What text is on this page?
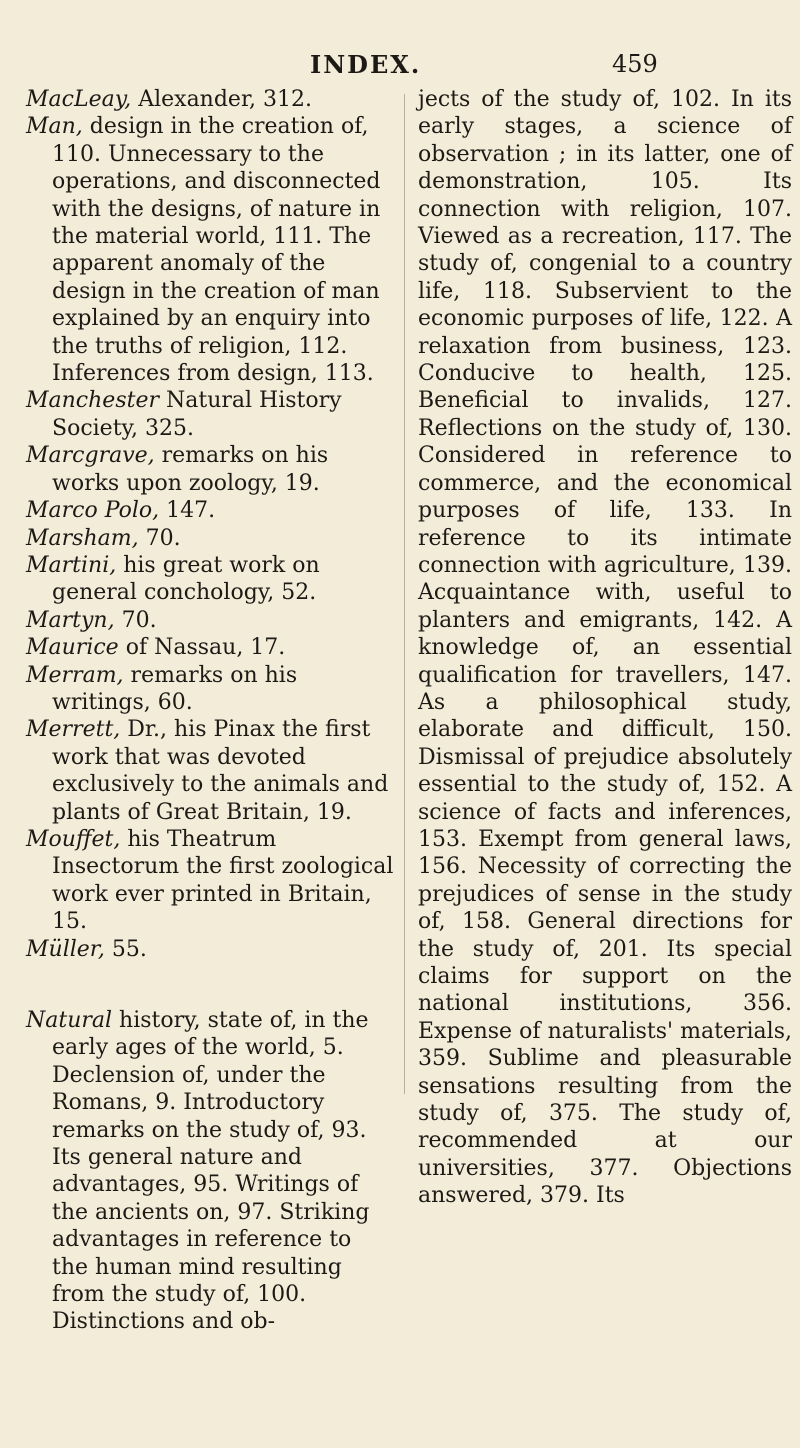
INDEX.	459

MacLeay, Alexander, 312.

Man, design in the creation of, 110. Unnecessary to the operations, and disconnected with the designs, of nature in the material world, 111. The apparent anomaly of the design in the creation of man explained by an enquiry into the truths of religion, 112. Inferences from design, 113.

Manchester Natural History Society, 325.

Marcgrave, remarks on his works upon zoology, 19.

Marco Polo, 147.

Marsham, 70.

Martini, his great work on general conchology, 52.

Martyn, 70.

Maurice of Nassau, 17.

Merram, remarks on his writings, 60.

Merrett, Dr., his Pinax the first work that was devoted exclusively to the animals and plants of Great Britain, 19.

Mouffet, his Theatrum Insectorum the first zoological work ever printed in Britain, 15.

Müller, 55.

Natural history, state of, in the early ages of the world, 5. Declension of, under the Romans, 9. Introductory remarks on the study of, 93. Its general nature and advantages, 95. Writings of the ancients on, 97. Striking advantages in reference to the human mind resulting from the study of, 100. Distinctions and ob-

jects of the study of, 102. In its early stages, a science of observation ; in its latter, one of demonstration, 105. Its connection with religion, 107. Viewed as a recreation, 117. The study of, congenial to a country life, 118. Subservient to the economic purposes of life, 122. A relaxation from business, 123. Conducive to health, 125. Beneficial to invalids, 127. Reflections on the study of, 130. Considered in reference to commerce, and the economical purposes of life, 133. In reference to its intimate connection with agriculture, 139. Acquaintance with, useful to planters and emigrants, 142. A knowledge of, an essential qualification for travellers, 147. As a philosophical study, elaborate and difficult, 150. Dismissal of prejudice absolutely essential to the study of, 152. A science of facts and inferences, 153. Exempt from general laws, 156. Necessity of correcting the prejudices of sense in the study of, 158. General directions for the study of, 201. Its special claims for support on the national institutions, 356. Expense of naturalists' materials, 359. Sublime and pleasurable sensations resulting from the study of, 375. The study of, recommended at our universities, 377. Objections answered, 379. Its
